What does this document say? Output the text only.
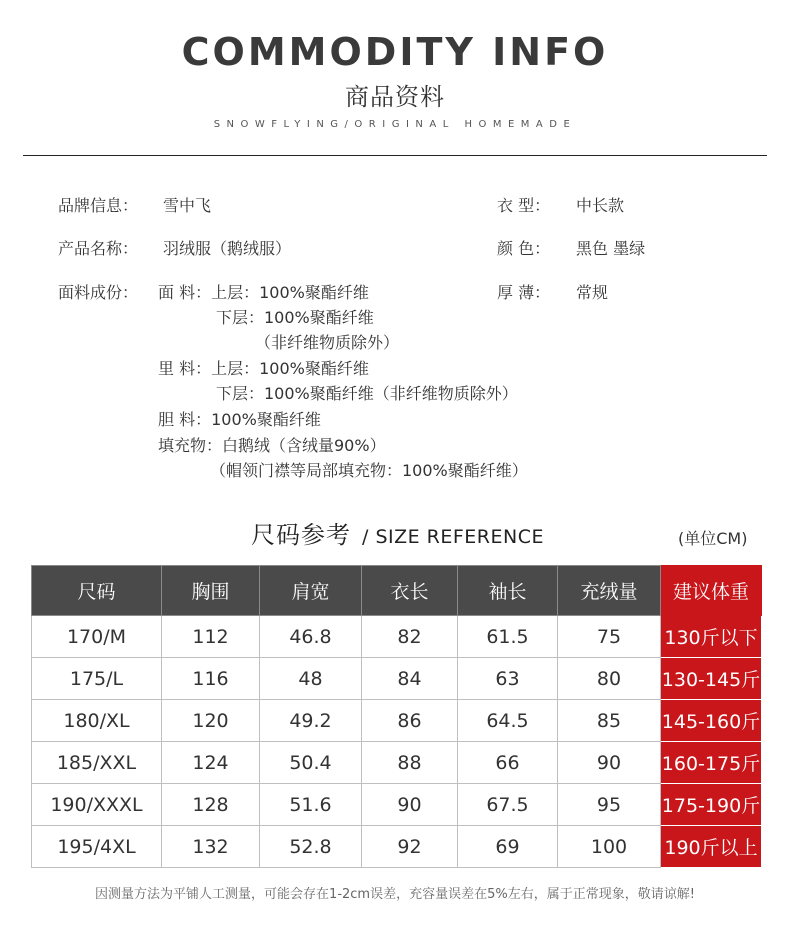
COMMODITY INFO
商品资料
SNOWFLYING/ORIGINAL HOMEMADE
品牌信息： 雪中飞	衣 型： 中长款
产品名称： 羽绒服（鹅绒服）	颜 色： 黑色 墨绿
面料成份：	厚 薄： 常规
面 料：上层：100%聚酯纤维
下层：100%聚酯纤维
（非纤维物质除外）
里 料：上层：100%聚酯纤维
下层：100%聚酯纤维（非纤维物质除外）
胆 料：100%聚酯纤维
填充物：白鹅绒（含绒量90%）
（帽领门襟等局部填充物：100%聚酯纤维）
尺码参考 / SIZE REFERENCE	(单位CM)
尺码	胸围	肩宽	衣长	袖长	充绒量	建议体重
170/M	112	46.8	82	61.5	75	130斤以下
175/L	116	48	84	63	80	130-145斤
180/XL	120	49.2	86	64.5	85	145-160斤
185/XXL	124	50.4	88	66	90	160-175斤
190/XXXL	128	51.6	90	67.5	95	175-190斤
195/4XL	132	52.8	92	69	100	190斤以上
因测量方法为平铺人工测量，可能会存在1-2cm误差，充容量误差在5%左右，属于正常现象，敬请谅解!
